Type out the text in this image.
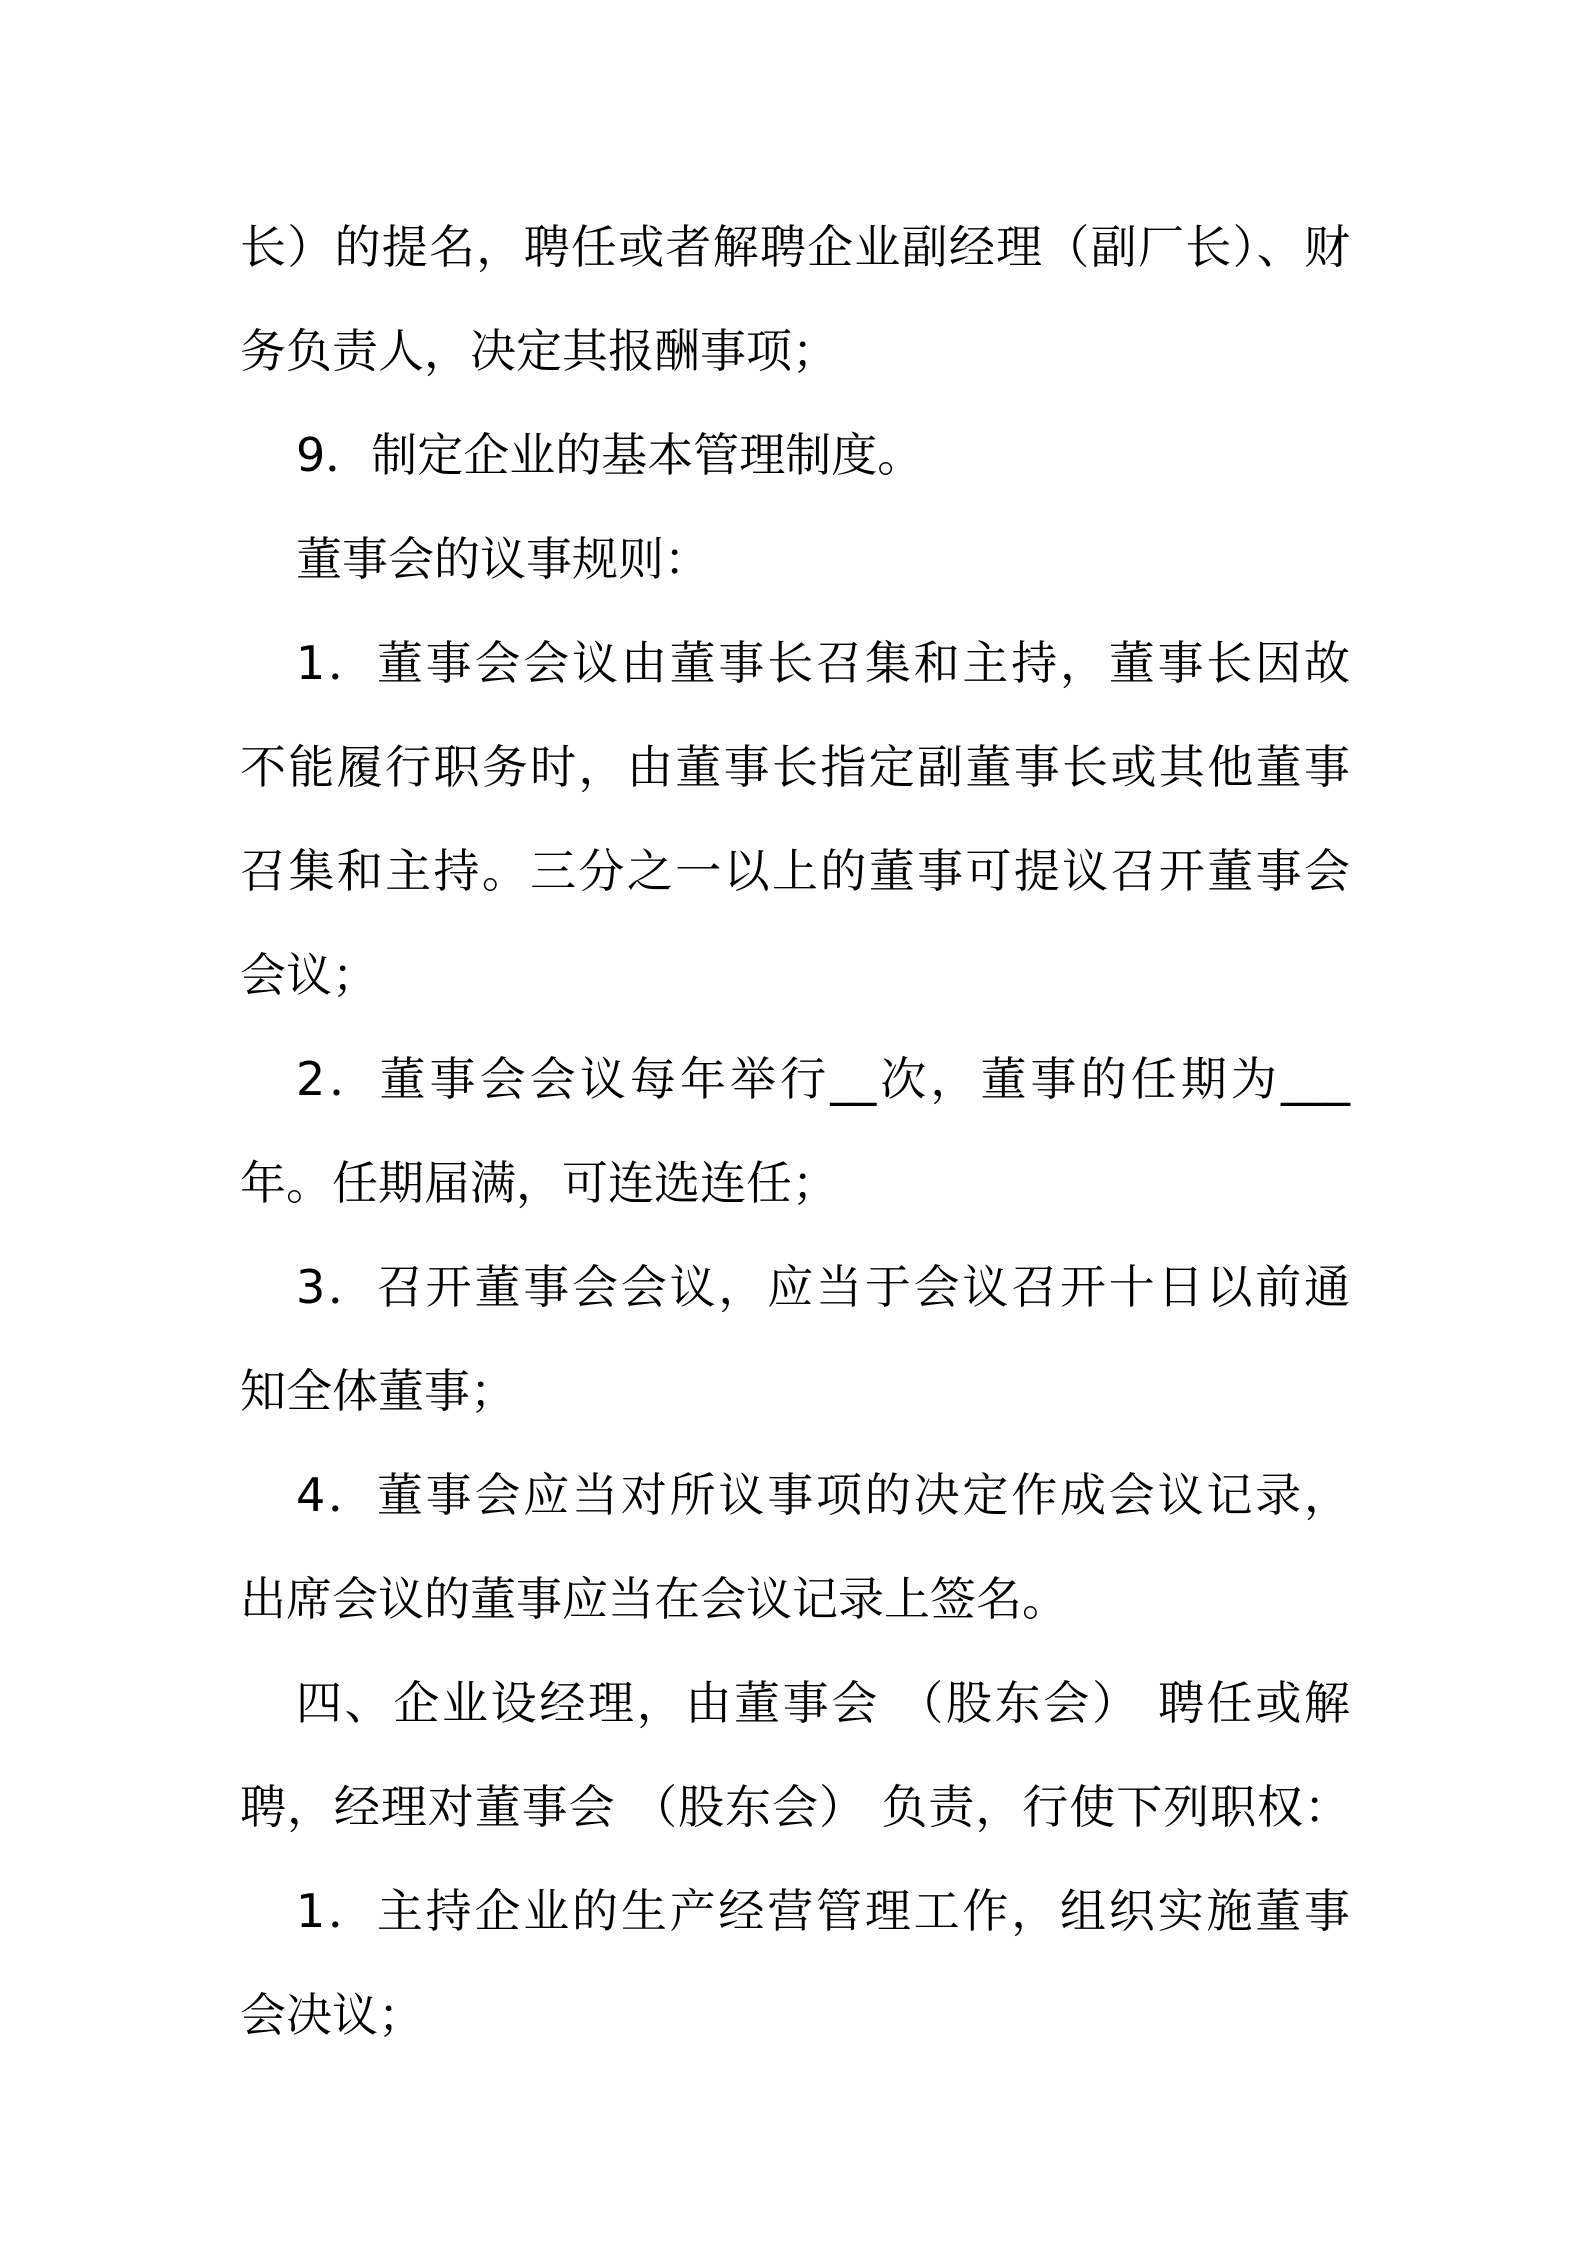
长）的提名，聘任或者解聘企业副经理（副厂长）、财
务负责人，决定其报酬事项；
9．制定企业的基本管理制度。
董事会的议事规则：
1．董事会会议由董事长召集和主持，董事长因故
不能履行职务时，由董事长指定副董事长或其他董事
召集和主持。三分之一以上的董事可提议召开董事会
会议；
2．董事会会议每年举行__次，董事的任期为___
年。任期届满，可连选连任；
3．召开董事会会议，应当于会议召开十日以前通
知全体董事；
4．董事会应当对所议事项的决定作成会议记录，
出席会议的董事应当在会议记录上签名。
四、企业设经理，由董事会 （股东会） 聘任或解
聘，经理对董事会 （股东会） 负责，行使下列职权：
1．主持企业的生产经营管理工作，组织实施董事
会决议；
